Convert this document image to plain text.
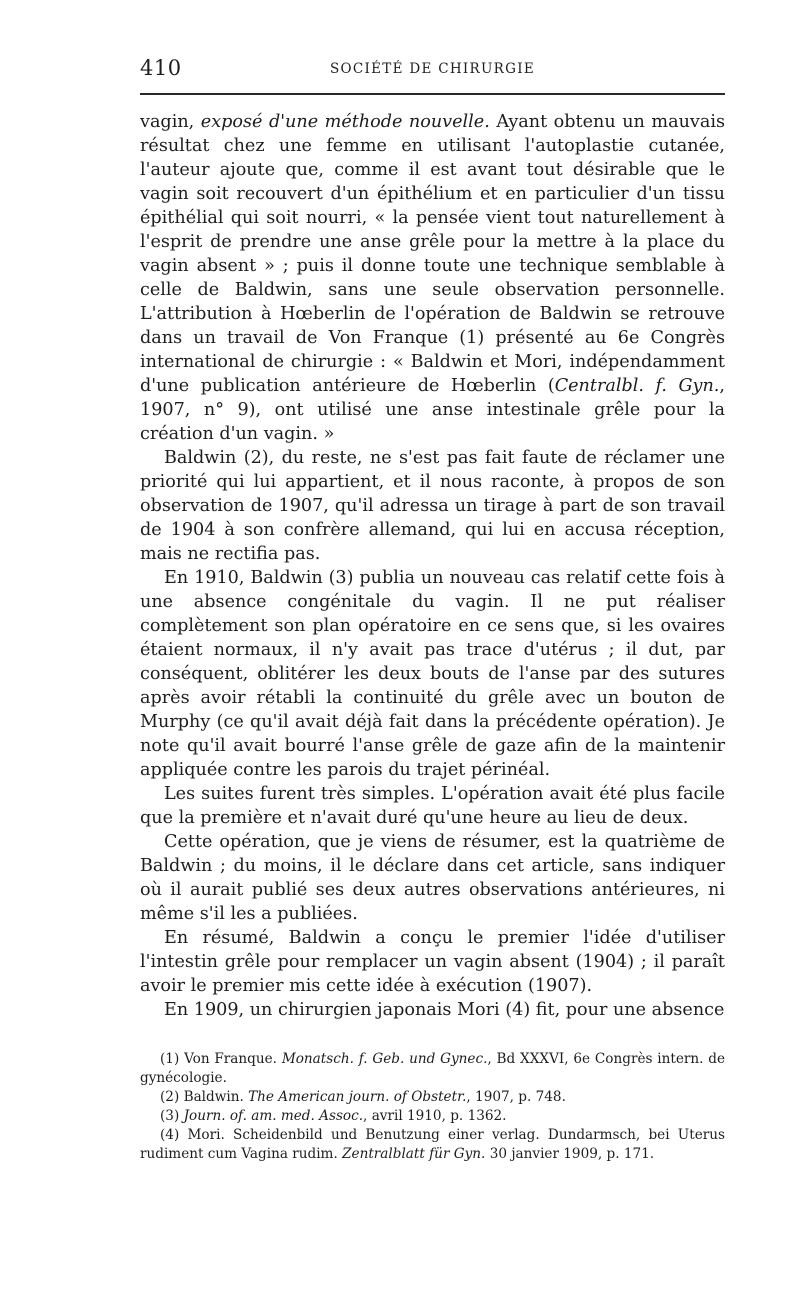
410	SOCIÉTÉ DE CHIRURGIE

vagin, exposé d'une méthode nouvelle. Ayant obtenu un mauvais résultat chez une femme en utilisant l'autoplastie cutanée, l'auteur ajoute que, comme il est avant tout désirable que le vagin soit recouvert d'un épithélium et en particulier d'un tissu épithélial qui soit nourri, « la pensée vient tout naturellement à l'esprit de prendre une anse grêle pour la mettre à la place du vagin absent » ; puis il donne toute une technique semblable à celle de Baldwin, sans une seule observation personnelle. L'attribution à Hœberlin de l'opération de Baldwin se retrouve dans un travail de Von Franque (1) présenté au 6e Congrès international de chirurgie : « Baldwin et Mori, indépendamment d'une publication antérieure de Hœberlin (Centralbl. f. Gyn., 1907, n° 9), ont utilisé une anse intestinale grêle pour la création d'un vagin. »

Baldwin (2), du reste, ne s'est pas fait faute de réclamer une priorité qui lui appartient, et il nous raconte, à propos de son observation de 1907, qu'il adressa un tirage à part de son travail de 1904 à son confrère allemand, qui lui en accusa réception, mais ne rectifia pas.

En 1910, Baldwin (3) publia un nouveau cas relatif cette fois à une absence congénitale du vagin. Il ne put réaliser complètement son plan opératoire en ce sens que, si les ovaires étaient normaux, il n'y avait pas trace d'utérus ; il dut, par conséquent, oblitérer les deux bouts de l'anse par des sutures après avoir rétabli la continuité du grêle avec un bouton de Murphy (ce qu'il avait déjà fait dans la précédente opération). Je note qu'il avait bourré l'anse grêle de gaze afin de la maintenir appliquée contre les parois du trajet périnéal.

Les suites furent très simples. L'opération avait été plus facile que la première et n'avait duré qu'une heure au lieu de deux.

Cette opération, que je viens de résumer, est la quatrième de Baldwin ; du moins, il le déclare dans cet article, sans indiquer où il aurait publié ses deux autres observations antérieures, ni même s'il les a publiées.

En résumé, Baldwin a conçu le premier l'idée d'utiliser l'intestin grêle pour remplacer un vagin absent (1904) ; il paraît avoir le premier mis cette idée à exécution (1907).

En 1909, un chirurgien japonais Mori (4) fit, pour une absence

(1) Von Franque. Monatsch. f. Geb. und Gynec., Bd XXXVI, 6e Congrès intern. de gynécologie.

(2) Baldwin. The American journ. of Obstetr., 1907, p. 748.

(3) Journ. of. am. med. Assoc., avril 1910, p. 1362.

(4) Mori. Scheidenbild und Benutzung einer verlag. Dundarmsch, bei Uterus rudiment cum Vagina rudim. Zentralblatt für Gyn. 30 janvier 1909, p. 171.
